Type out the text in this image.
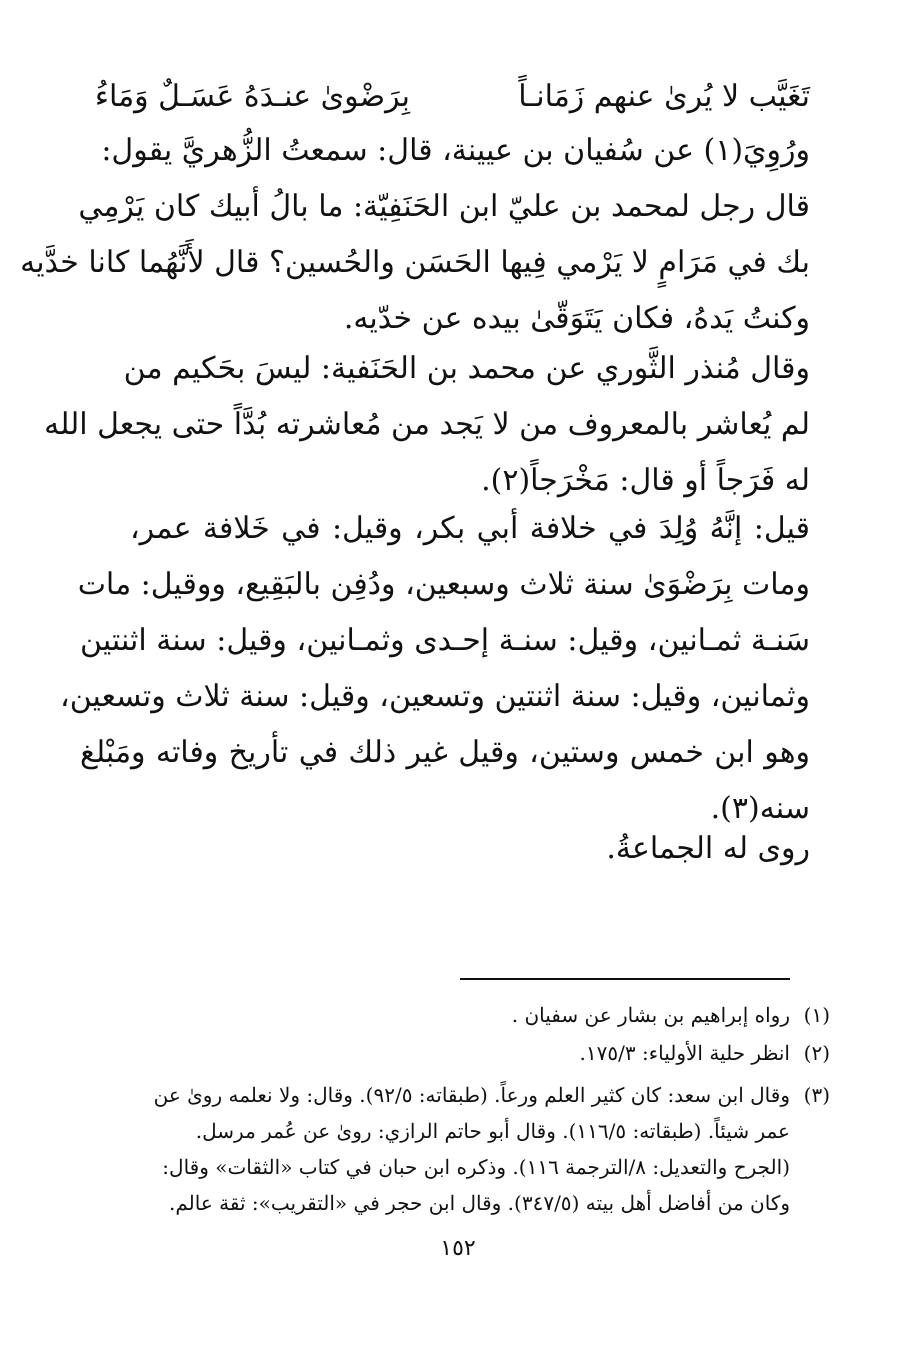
تَغَيَّب لا يُرىٰ عنهم زَمَانـاً
بِرَضْوىٰ عنـدَهُ عَسَـلٌ وَمَاءُ
ورُوِيَ(١) عن سُفيان بن عيينة، قال: سمعتُ الزُّهريَّ يقول:
قال رجل لمحمد بن عليّ ابن الحَنَفِيّة: ما بالُ أبيك كان يَرْمِي
بك في مَرَامٍ لا يَرْمي فِيها الحَسَن والحُسين؟ قال لأَنَّهُما كانا خدَّيه
وكنتُ يَدهُ، فكان يَتَوَقّىٰ بيده عن خدّيه.
وقال مُنذر الثَّوري عن محمد بن الحَنَفية: ليسَ بحَكيم من
لم يُعاشر بالمعروف من لا يَجد من مُعاشرته بُدَّاً حتى يجعل الله
له فَرَجاً أو قال: مَخْرَجاً(٢).
قيل: إنَّهُ وُلِدَ في خلافة أبي بكر، وقيل: في خَلافة عمر،
ومات بِرَضْوَىٰ سنة ثلاث وسبعين، ودُفِن بالبَقِيع، ووقيل: مات
سَنـة ثمـانين، وقيل: سنـة إحـدى وثمـانين، وقيل: سنة اثنتين
وثمانين، وقيل: سنة اثنتين وتسعين، وقيل: سنة ثلاث وتسعين،
وهو ابن خمس وستين، وقيل غير ذلك في تأريخ وفاته ومَبْلغ
سنه(٣).
روى له الجماعةُ.
(١)
رواه إبراهيم بن بشار عن سفيان .
(٢)
انظر حلية الأولياء: ١٧٥/٣.
(٣)
وقال ابن سعد: كان كثير العلم ورعاً. (طبقاته: ٩٢/٥). وقال: ولا نعلمه روىٰ عن
عمر شيئاً. (طبقاته: ١١٦/٥). وقال أبو حاتم الرازي: روىٰ عن عُمر مرسل.
(الجرح والتعديل: ٨/الترجمة ١١٦). وذكره ابن حبان في كتاب «الثقات» وقال:
وكان من أفاضل أهل بيته (٣٤٧/٥). وقال ابن حجر في «التقريب»: ثقة عالم.
١٥٢
